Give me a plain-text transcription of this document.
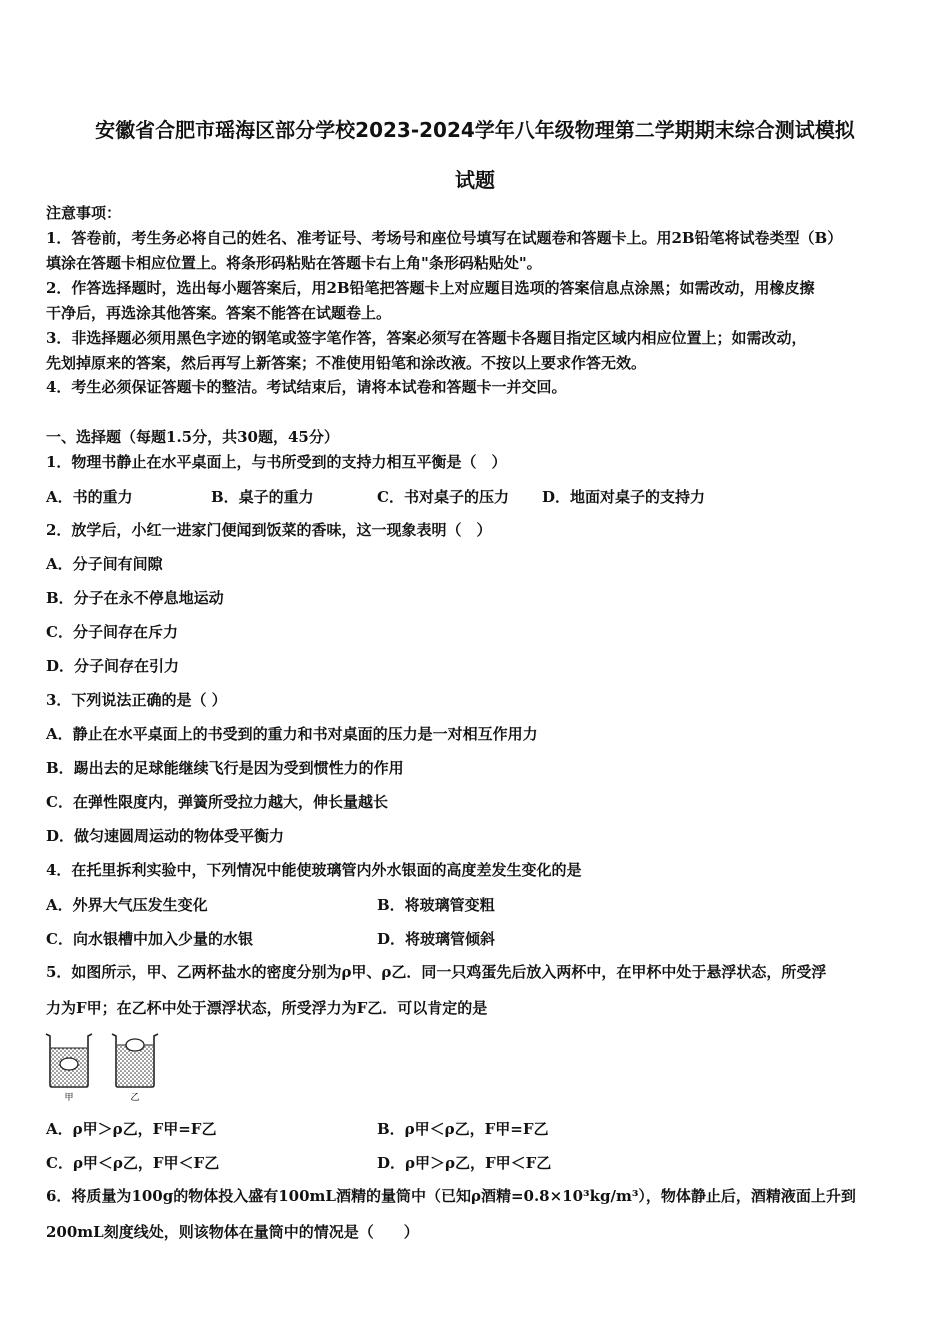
安徽省合肥市瑶海区部分学校2023-2024学年八年级物理第二学期期末综合测试模拟
试题
注意事项：
1．答卷前，考生务必将自己的姓名、准考证号、考场号和座位号填写在试题卷和答题卡上。用2B铅笔将试卷类型（B）
填涂在答题卡相应位置上。将条形码粘贴在答题卡右上角"条形码粘贴处"。
2．作答选择题时，选出每小题答案后，用2B铅笔把答题卡上对应题目选项的答案信息点涂黑；如需改动，用橡皮擦
干净后，再选涂其他答案。答案不能答在试题卷上。
3．非选择题必须用黑色字迹的钢笔或签字笔作答，答案必须写在答题卡各题目指定区域内相应位置上；如需改动，
先划掉原来的答案，然后再写上新答案；不准使用铅笔和涂改液。不按以上要求作答无效。
4．考生必须保证答题卡的整洁。考试结束后，请将本试卷和答题卡一并交回。
一、选择题（每题1.5分，共30题，45分）
1．物理书静止在水平桌面上，与书所受到的支持力相互平衡是（　）
A．书的重力	B．桌子的重力	C．书对桌子的压力 D．地面对桌子的支持力
2．放学后，小红一进家门便闻到饭菜的香味，这一现象表明（　）
A．分子间有间隙
B．分子在永不停息地运动
C．分子间存在斥力
D．分子间存在引力
3．下列说法正确的是（ ）
A．静止在水平桌面上的书受到的重力和书对桌面的压力是一对相互作用力
B．踢出去的足球能继续飞行是因为受到惯性力的作用
C．在弹性限度内，弹簧所受拉力越大，伸长量越长
D．做匀速圆周运动的物体受平衡力
4．在托里拆利实验中，下列情况中能使玻璃管内外水银面的高度差发生变化的是
A．外界大气压发生变化	B．将玻璃管变粗
C．向水银槽中加入少量的水银	D．将玻璃管倾斜
5．如图所示，甲、乙两杯盐水的密度分别为ρ甲、ρ乙．同一只鸡蛋先后放入两杯中，在甲杯中处于悬浮状态，所受浮
力为F甲；在乙杯中处于漂浮状态，所受浮力为F乙．可以肯定的是
甲	乙
A．ρ甲＞ρ乙，F甲=F乙	B．ρ甲＜ρ乙，F甲=F乙
C．ρ甲＜ρ乙，F甲＜F乙	D．ρ甲＞ρ乙，F甲＜F乙
6．将质量为100g的物体投入盛有100mL酒精的量筒中（已知ρ酒精=0.8×10³kg/m³），物体静止后，酒精液面上升到
200mL刻度线处，则该物体在量筒中的情况是（　　）
